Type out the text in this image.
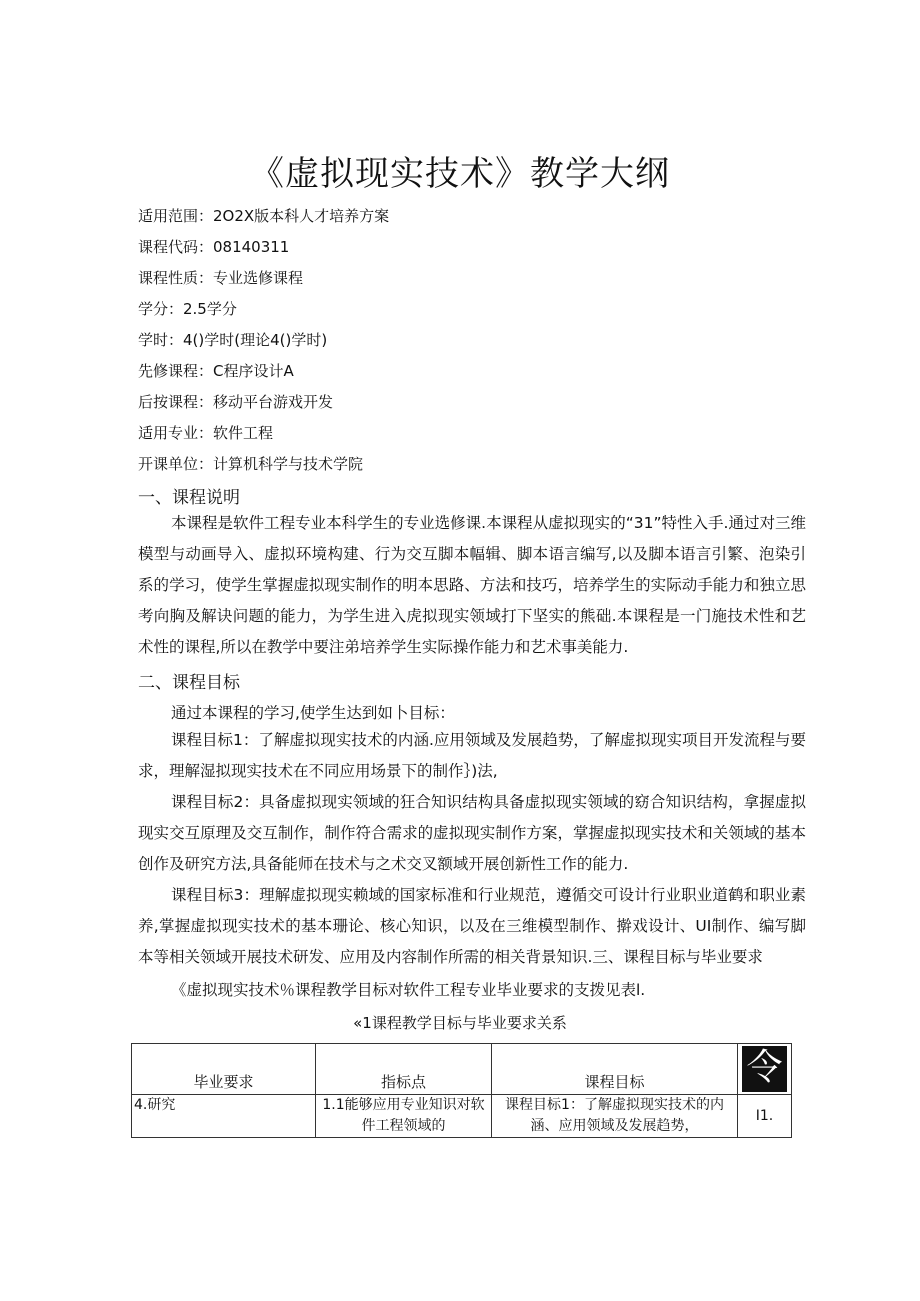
《虚拟现实技术》教学大纲
适用范围：2O2X版本科人才培养方案
课程代码：08140311
课程性质：专业选修课程
学分：2.5学分
学时：4()学时(理论4()学时)
先修课程：C程序设计A
后按课程：移动平台游戏开发
适用专业：软件工程
开课单位：计算机科学与技术学院
一、课程说明

本课程是软件工程专业本科学生的专业选修课.本课程从虚拟现实的“31”特性入手.通过对三维模型与动画导入、虚拟环境构建、行为交互脚本幅辑、脚本语言编写,以及脚本语言引繁、泡染引系的学习，使学生掌握虚拟现实制作的明本思路、方法和技巧，培养学生的实际动手能力和独立思考向胸及解诀问题的能力，为学生进入虎拟现实领域打下坚实的熊础.本课程是一门施技术性和艺术性的课程,所以在教学中要注弟培养学生实际操作能力和艺术事美能力.

二、课程目标
通过本课程的学习,使学生达到如卜目标：

课程目标1：了解虚拟现实技术的内涵.应用领域及发展趋势，了解虚拟现实项目开发流程与要求，理解湿拟现实技术在不同应用场景下的制作｝)法,

课程目标2：具备虚拟现实领域的狂合知识结构具备虚拟现实领域的窈合知识结构，拿握虚拟现实交互原理及交互制作，制作符合需求的虚拟现实制作方案，掌握虚拟现实技术和关领域的基本创作及研究方法,具备能师在技术与之术交叉额域开展创新性工作的能力.

课程目标3：理解虚拟现实赖域的国家标准和行业规范，遵循交可设计行业职业道鹤和职业素养,掌握虚拟现实技术的基本珊论、核心知识，以及在三维模型制作、擀戏设计、UI制作、编写脚本等相关领域开展技术研发、应用及内容制作所需的相关背景知识.三、课程目标与毕业要求

《虚拟现实技术％课程教学目标对软件工程专业毕业要求的支拨见表l.
«1课程教学目标与毕业要求关系
毕业要求	指标点	课程目标	令

4.研究	1.1能够应用专业知识对软件工程领域的	课程目标1：了解虚拟现实技术的内涵、应用领域及发展趋势，	I1.
